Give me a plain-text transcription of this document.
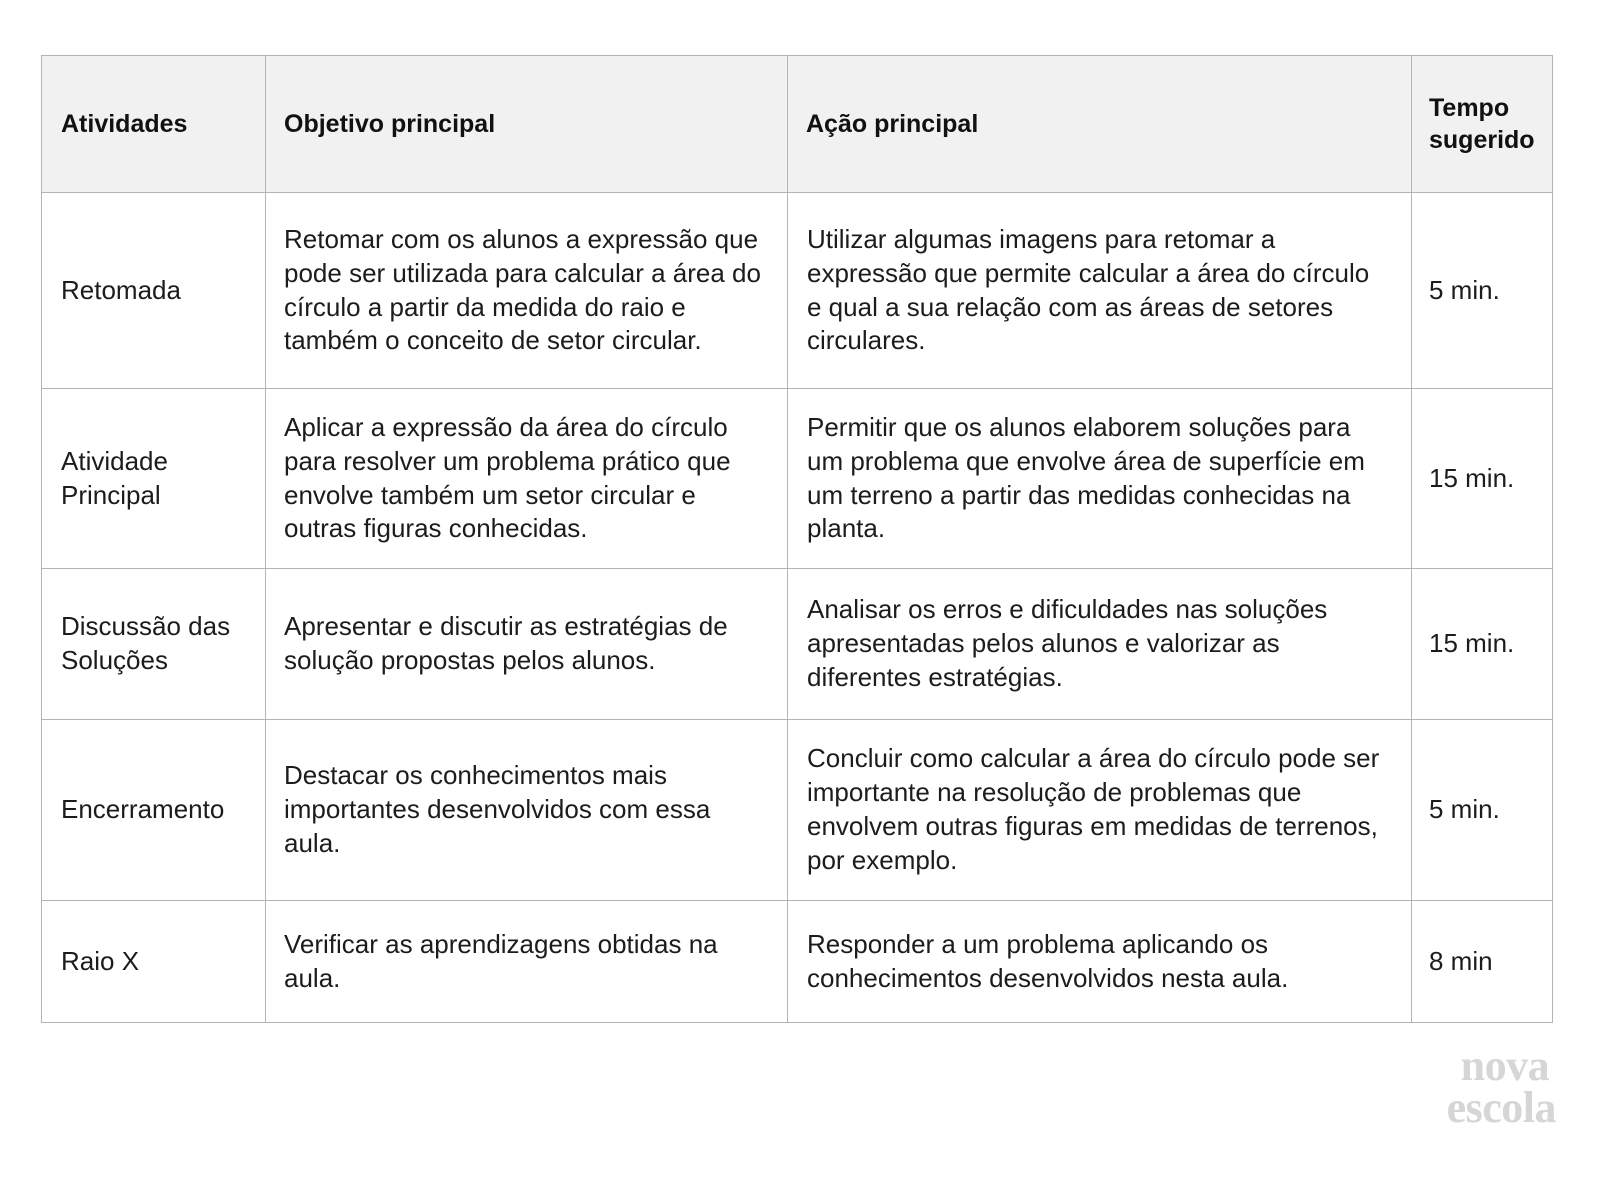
Atividades	Objetivo principal	Ação principal	Tempo sugerido

Retomada	Retomar com os alunos a expressão que pode ser utilizada para calcular a área do círculo a partir da medida do raio e também o conceito de setor circular.	Utilizar algumas imagens para retomar a expressão que permite calcular a área do círculo e qual a sua relação com as áreas de setores circulares.	5 min.

Atividade Principal	Aplicar a expressão da área do círculo para resolver um problema prático que envolve também um setor circular e outras figuras conhecidas.	Permitir que os alunos elaborem soluções para um problema que envolve área de superfície em um terreno a partir das medidas conhecidas na planta.	15 min.

Discussão das Soluções	Apresentar e discutir as estratégias de solução propostas pelos alunos.	Analisar os erros e dificuldades nas soluções apresentadas pelos alunos e valorizar as diferentes estratégias.	15 min.

Encerramento	Destacar os conhecimentos mais importantes desenvolvidos com essa aula.	Concluir como calcular a área do círculo pode ser importante na resolução de problemas que envolvem outras figuras em medidas de terrenos, por exemplo.	5 min.

Raio X	Verificar as aprendizagens obtidas na aula.	Responder a um problema aplicando os conhecimentos desenvolvidos nesta aula.	8 min
nova
escola
